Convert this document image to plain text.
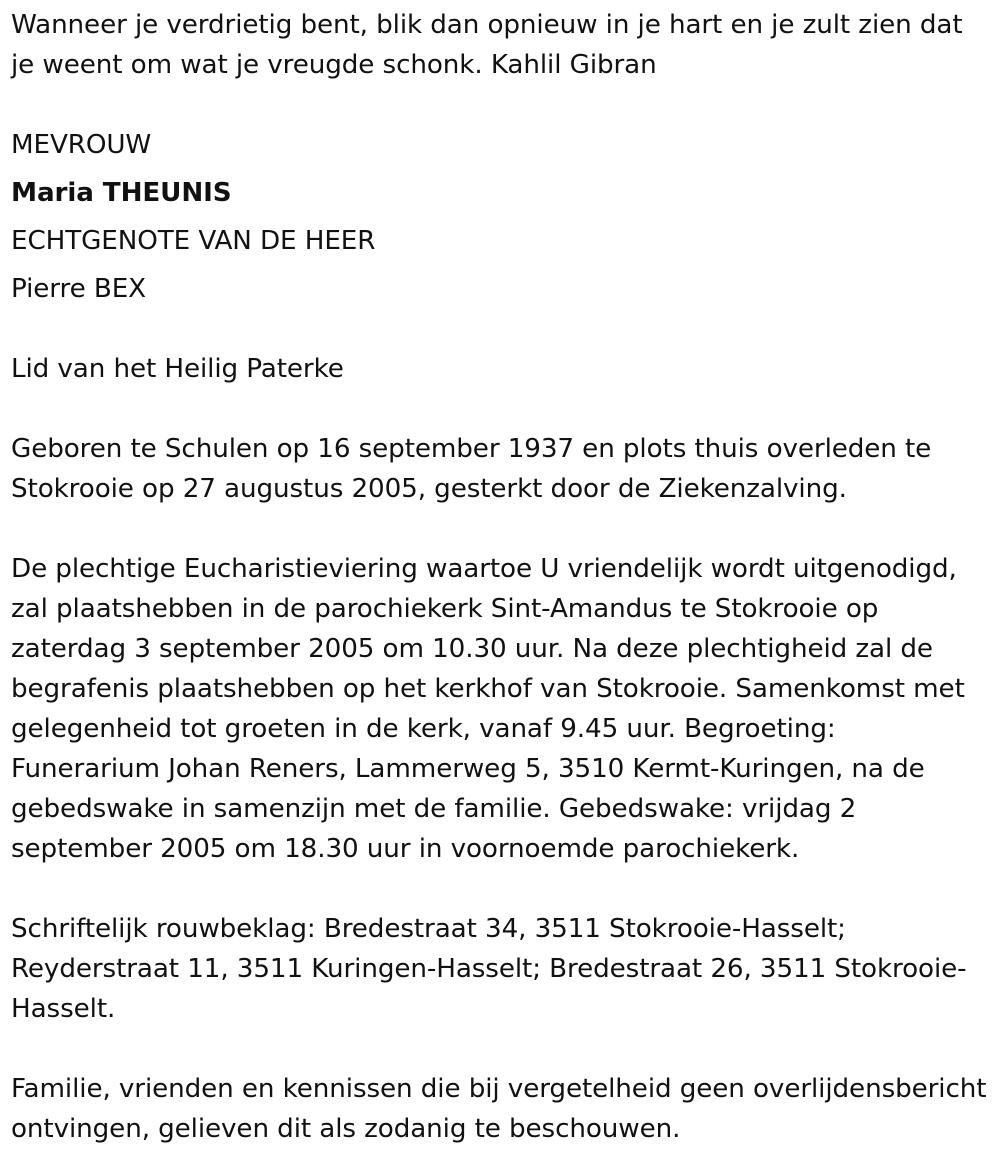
Wanneer je verdrietig bent, blik dan opnieuw in je hart en je zult zien dat je weent om wat je vreugde schonk. Kahlil Gibran

MEVROUW

Maria THEUNIS

ECHTGENOTE VAN DE HEER

Pierre BEX

Lid van het Heilig Paterke

Geboren te Schulen op 16 september 1937 en plots thuis overleden te Stokrooie op 27 augustus 2005, gesterkt door de Ziekenzalving.

De plechtige Eucharistieviering waartoe U vriendelijk wordt uitgenodigd, zal plaatshebben in de parochiekerk Sint-Amandus te Stokrooie op zaterdag 3 september 2005 om 10.30 uur. Na deze plechtigheid zal de begrafenis plaatshebben op het kerkhof van Stokrooie. Samenkomst met gelegenheid tot groeten in de kerk, vanaf 9.45 uur. Begroeting: Funerarium Johan Reners, Lammerweg 5, 3510 Kermt-Kuringen, na de gebedswake in samenzijn met de familie. Gebedswake: vrijdag 2 september 2005 om 18.30 uur in voornoemde parochiekerk.

Schriftelijk rouwbeklag: Bredestraat 34, 3511 Stokrooie-Hasselt; Reyderstraat 11, 3511 Kuringen-Hasselt; Bredestraat 26, 3511 Stokrooie-Hasselt.

Familie, vrienden en kennissen die bij vergetelheid geen overlijdensbericht ontvingen, gelieven dit als zodanig te beschouwen.
